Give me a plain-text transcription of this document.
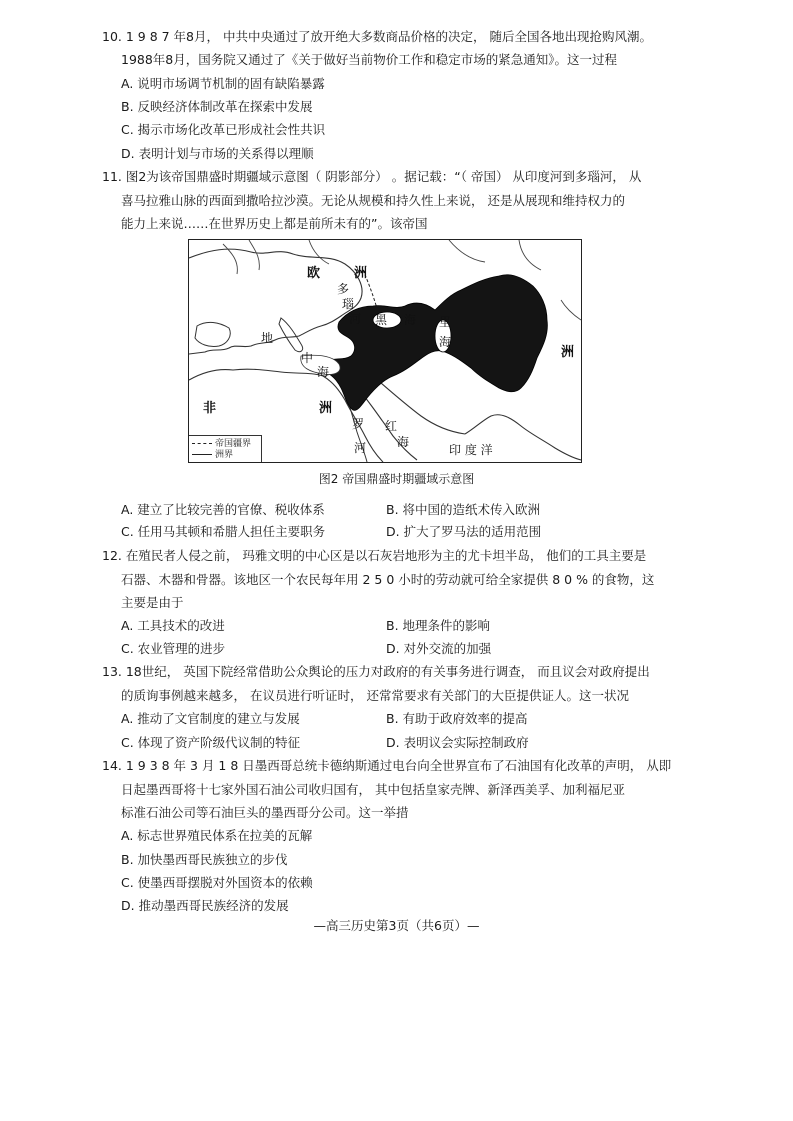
10. 1 9 8 7 年8月， 中共中央通过了放开绝大多数商品价格的决定， 随后全国各地出现抢购风潮。
1988年8月，国务院又通过了《关于做好当前物价工作和稳定市场的紧急通知》。这一过程
A. 说明市场调节机制的固有缺陷暴露
B. 反映经济体制改革在探索中发展
C. 揭示市场化改革已形成社会性共识
D. 表明计划与市场的关系得以理顺
11. 图2为该帝国鼎盛时期疆域示意图（ 阴影部分） 。据记载：“（ 帝国） 从印度河到多瑙河， 从
喜马拉雅山脉的西面到撒哈拉沙漠。无论从规模和持久性上来说， 还是从展现和维持权力的
能力上来说……在世界历史上都是前所未有的”。该帝国
欧	洲
多
瑙
河 黑 海 里
海
地
中
海
洲
非	洲
罗
河
红
海
印 度 洋
帝国疆界
洲界
图2 帝国鼎盛时期疆域示意图
A. 建立了比较完善的官僚、税收体系	B. 将中国的造纸术传入欧洲
C. 任用马其顿和希腊人担任主要职务	D. 扩大了罗马法的适用范围
12. 在殖民者人侵之前， 玛雅文明的中心区是以石灰岩地形为主的尤卡坦半岛， 他们的工具主要是
石器、木器和骨器。该地区一个农民每年用 2 5 0 小时的劳动就可给全家提供 8 0 % 的食物，这
主要是由于
A. 工具技术的改进	B. 地理条件的影响
C. 农业管理的进步	D. 对外交流的加强
13. 18世纪， 英国下院经常借助公众舆论的压力对政府的有关事务进行调查， 而且议会对政府提出
的质询事例越来越多， 在议员进行听证时， 还常常要求有关部门的大臣提供证人。这一状况
A. 推动了文官制度的建立与发展	B. 有助于政府效率的提高
C. 体现了资产阶级代议制的特征	D. 表明议会实际控制政府
14. 1 9 3 8 年 3 月 1 8 日墨西哥总统卡德纳斯通过电台向全世界宣布了石油国有化改革的声明， 从即
日起墨西哥将十七家外国石油公司收归国有， 其中包括皇家壳牌、新泽西美孚、加利福尼亚
标准石油公司等石油巨头的墨西哥分公司。这一举措
A. 标志世界殖民体系在拉美的瓦解
B. 加快墨西哥民族独立的步伐
C. 使墨西哥摆脱对外国资本的依赖
D. 推动墨西哥民族经济的发展
—高三历史第3页（共6页）—
